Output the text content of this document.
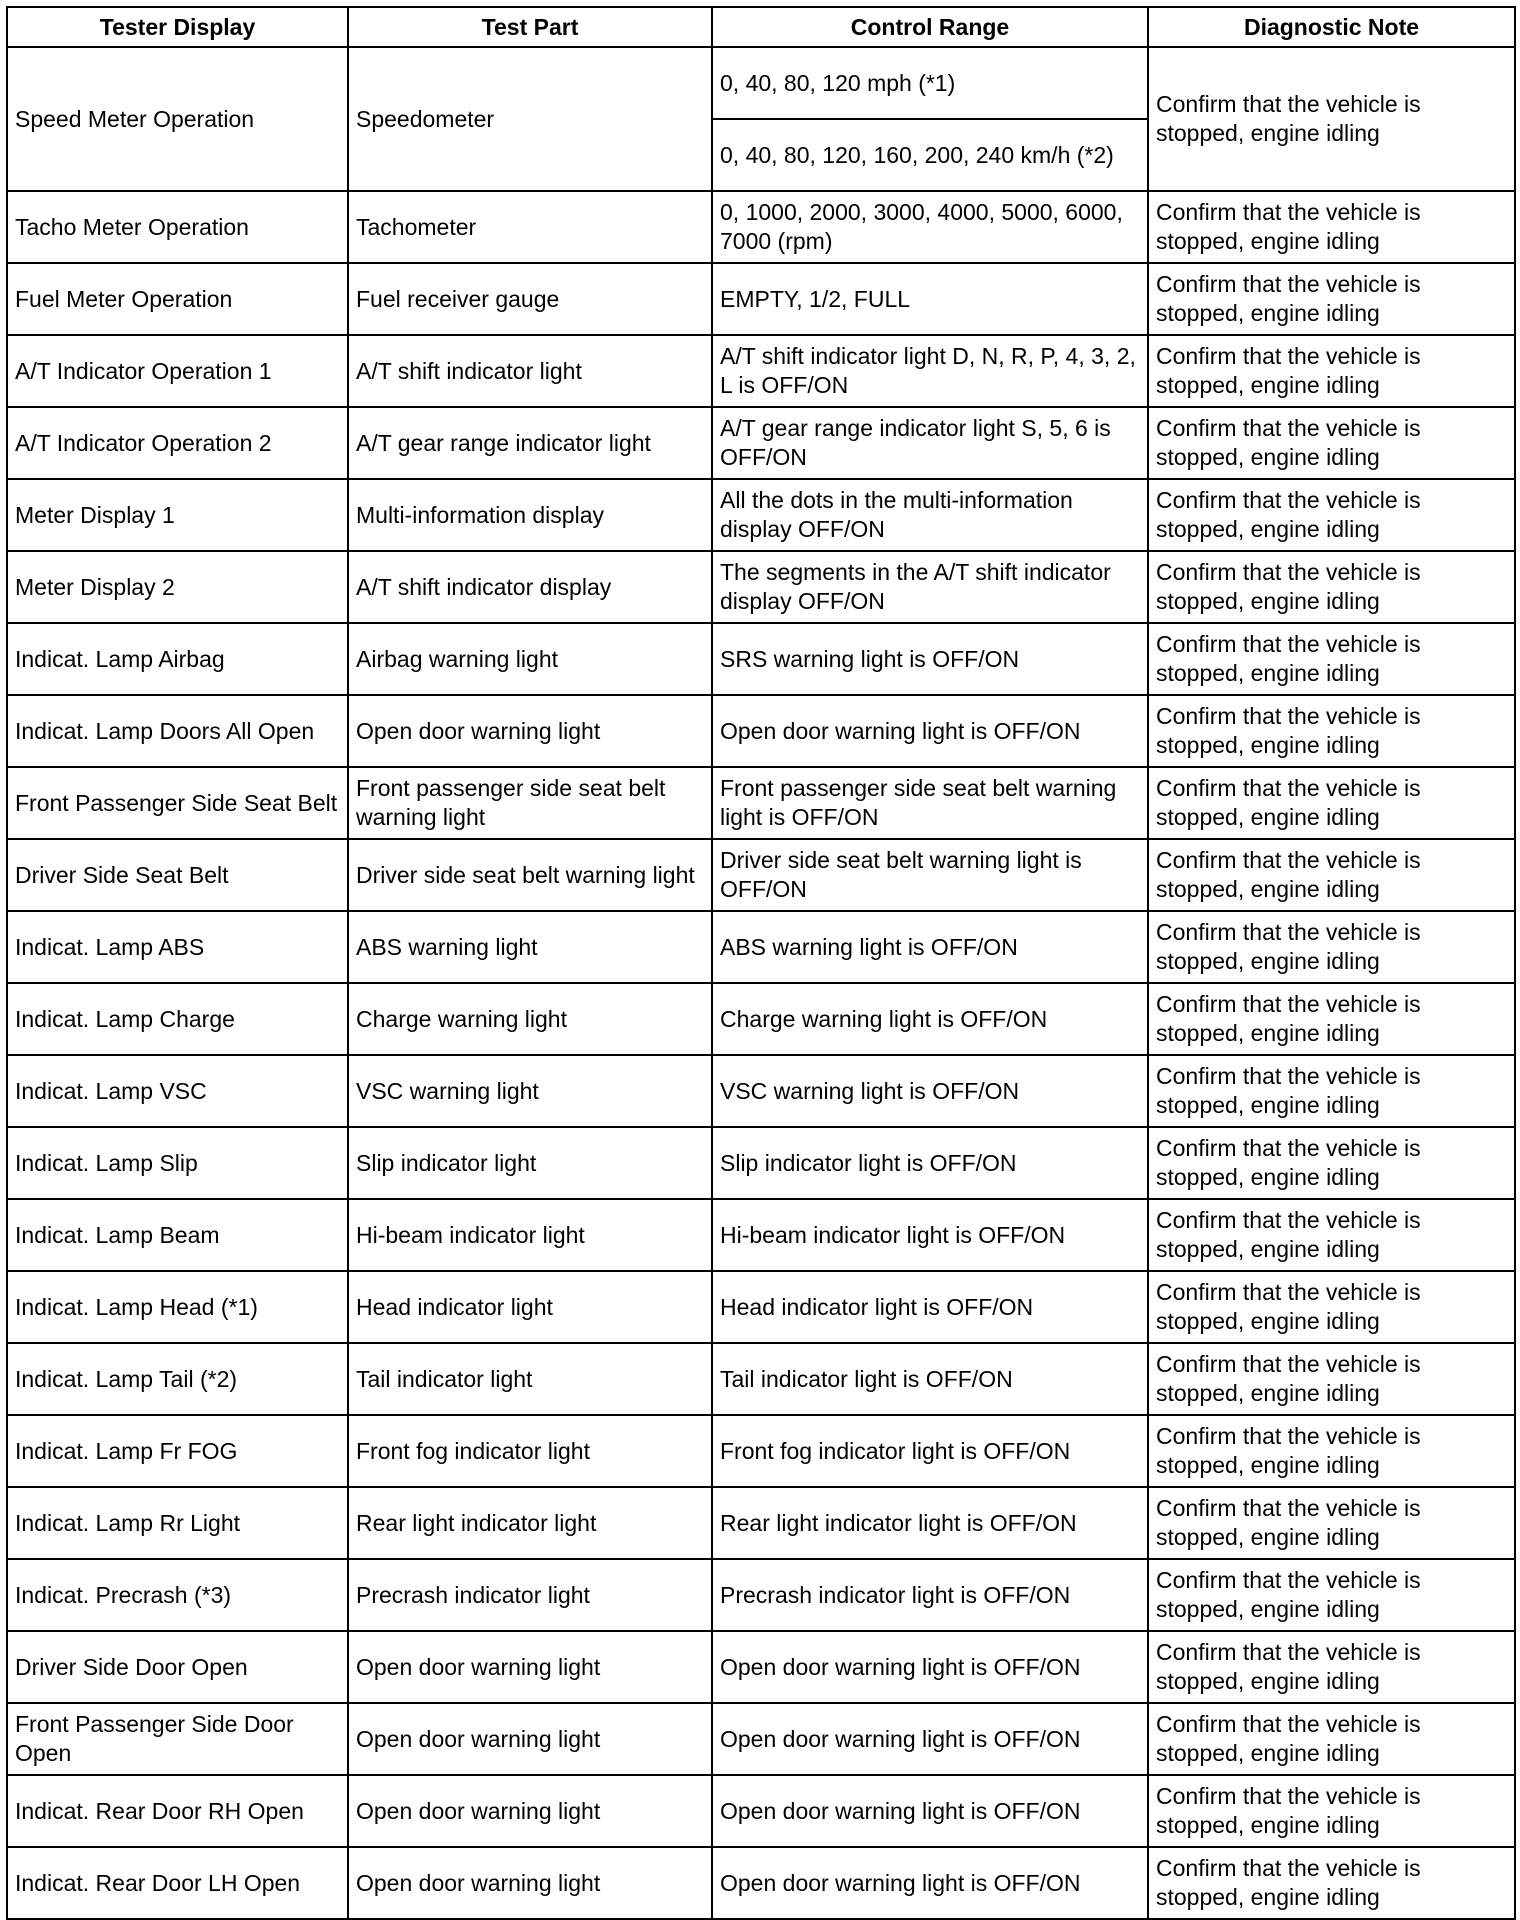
Tester Display	Test Part	Control Range	Diagnostic Note
Speed Meter Operation	Speedometer	0, 40, 80, 120 mph (*1)	Confirm that the vehicle is stopped, engine idling
		0, 40, 80, 120, 160, 200, 240 km/h (*2)	
Tacho Meter Operation	Tachometer	0, 1000, 2000, 3000, 4000, 5000, 6000, 7000 (rpm)	Confirm that the vehicle is stopped, engine idling
Fuel Meter Operation	Fuel receiver gauge	EMPTY, 1/2, FULL	Confirm that the vehicle is stopped, engine idling
A/T Indicator Operation 1	A/T shift indicator light	A/T shift indicator light D, N, R, P, 4, 3, 2, L is OFF/ON	Confirm that the vehicle is stopped, engine idling
A/T Indicator Operation 2	A/T gear range indicator light	A/T gear range indicator light S, 5, 6 is OFF/ON	Confirm that the vehicle is stopped, engine idling
Meter Display 1	Multi-information display	All the dots in the multi-information display OFF/ON	Confirm that the vehicle is stopped, engine idling
Meter Display 2	A/T shift indicator display	The segments in the A/T shift indicator display OFF/ON	Confirm that the vehicle is stopped, engine idling
Indicat. Lamp Airbag	Airbag warning light	SRS warning light is OFF/ON	Confirm that the vehicle is stopped, engine idling
Indicat. Lamp Doors All Open	Open door warning light	Open door warning light is OFF/ON	Confirm that the vehicle is stopped, engine idling
Front Passenger Side Seat Belt	Front passenger side seat belt warning light	Front passenger side seat belt warning light is OFF/ON	Confirm that the vehicle is stopped, engine idling
Driver Side Seat Belt	Driver side seat belt warning light	Driver side seat belt warning light is OFF/ON	Confirm that the vehicle is stopped, engine idling
Indicat. Lamp ABS	ABS warning light	ABS warning light is OFF/ON	Confirm that the vehicle is stopped, engine idling
Indicat. Lamp Charge	Charge warning light	Charge warning light is OFF/ON	Confirm that the vehicle is stopped, engine idling
Indicat. Lamp VSC	VSC warning light	VSC warning light is OFF/ON	Confirm that the vehicle is stopped, engine idling
Indicat. Lamp Slip	Slip indicator light	Slip indicator light is OFF/ON	Confirm that the vehicle is stopped, engine idling
Indicat. Lamp Beam	Hi-beam indicator light	Hi-beam indicator light is OFF/ON	Confirm that the vehicle is stopped, engine idling
Indicat. Lamp Head (*1)	Head indicator light	Head indicator light is OFF/ON	Confirm that the vehicle is stopped, engine idling
Indicat. Lamp Tail (*2)	Tail indicator light	Tail indicator light is OFF/ON	Confirm that the vehicle is stopped, engine idling
Indicat. Lamp Fr FOG	Front fog indicator light	Front fog indicator light is OFF/ON	Confirm that the vehicle is stopped, engine idling
Indicat. Lamp Rr Light	Rear light indicator light	Rear light indicator light is OFF/ON	Confirm that the vehicle is stopped, engine idling
Indicat. Precrash (*3)	Precrash indicator light	Precrash indicator light is OFF/ON	Confirm that the vehicle is stopped, engine idling
Driver Side Door Open	Open door warning light	Open door warning light is OFF/ON	Confirm that the vehicle is stopped, engine idling
Front Passenger Side Door Open	Open door warning light	Open door warning light is OFF/ON	Confirm that the vehicle is stopped, engine idling
Indicat. Rear Door RH Open	Open door warning light	Open door warning light is OFF/ON	Confirm that the vehicle is stopped, engine idling
Indicat. Rear Door LH Open	Open door warning light	Open door warning light is OFF/ON	Confirm that the vehicle is stopped, engine idling
